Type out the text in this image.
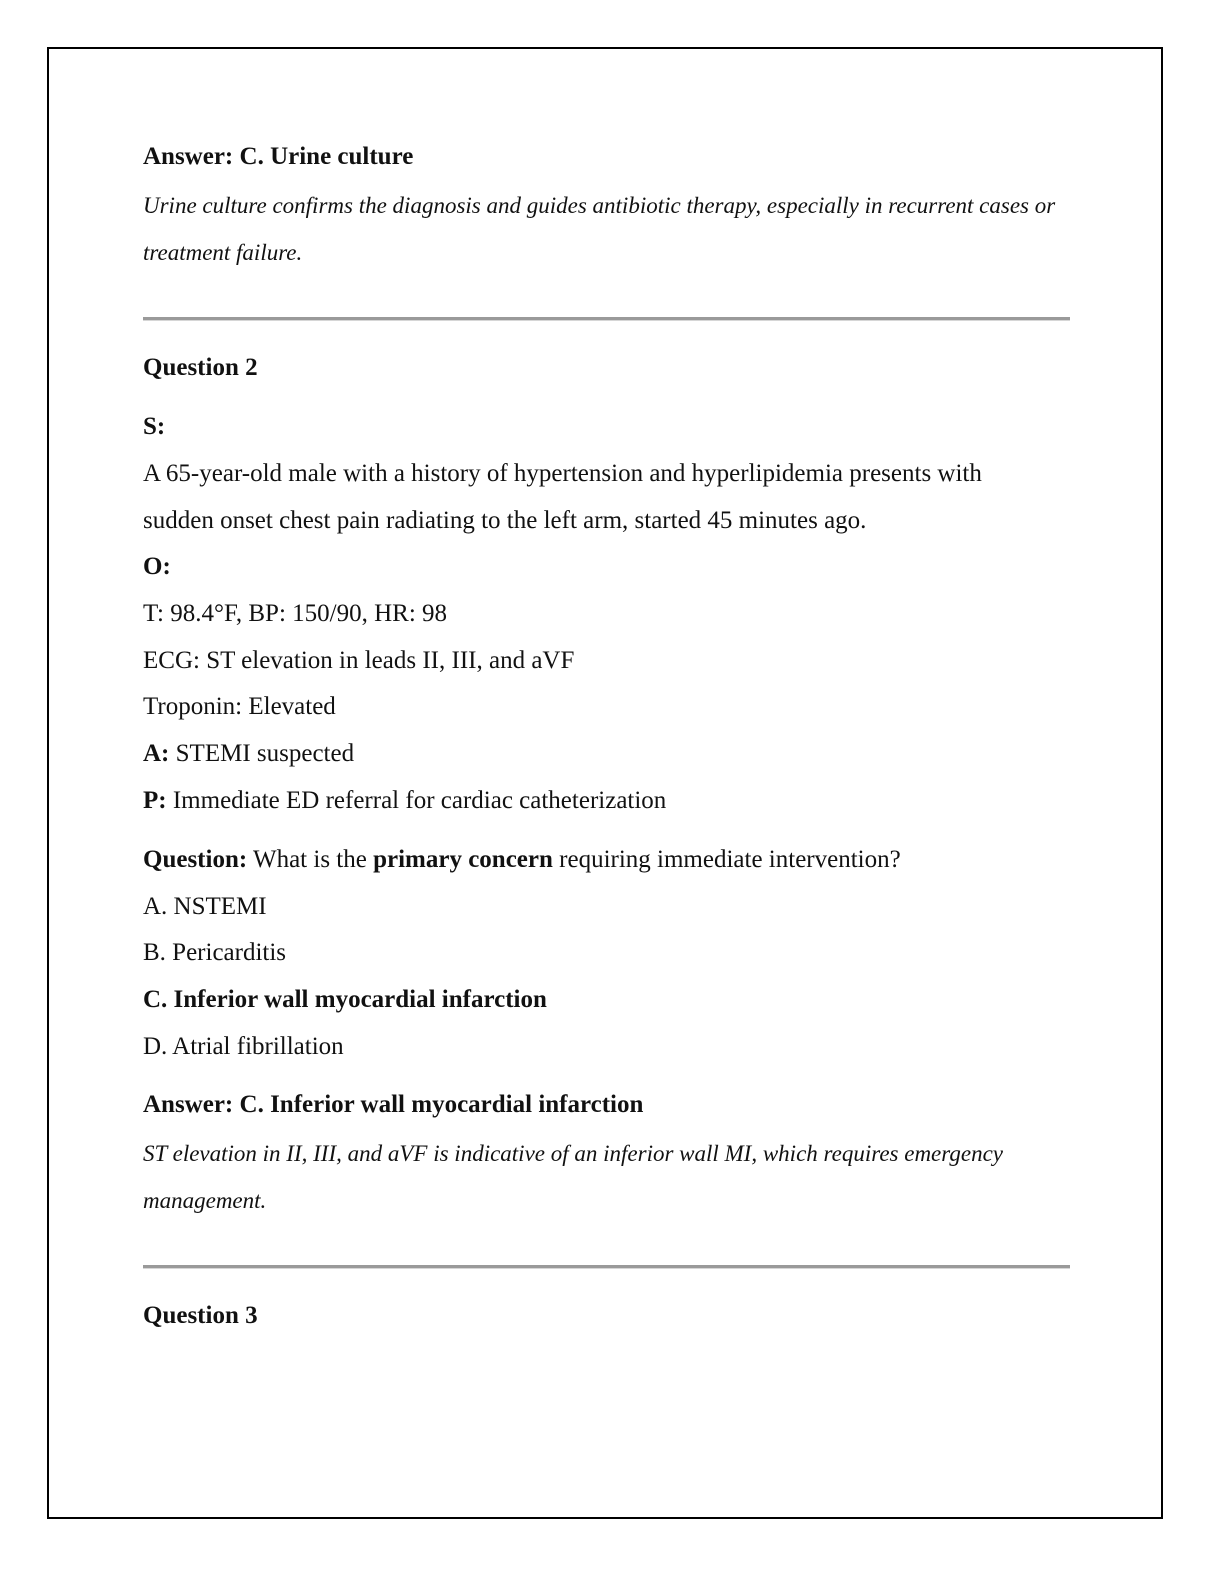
Answer: C. Urine culture
Urine culture confirms the diagnosis and guides antibiotic therapy, especially in recurrent cases or
treatment failure.
Question 2
S:
A 65-year-old male with a history of hypertension and hyperlipidemia presents with
sudden onset chest pain radiating to the left arm, started 45 minutes ago.
O:
T: 98.4°F, BP: 150/90, HR: 98
ECG: ST elevation in leads II, III, and aVF
Troponin: Elevated
A: STEMI suspected
P: Immediate ED referral for cardiac catheterization
Question: What is the primary concern requiring immediate intervention?
A. NSTEMI
B. Pericarditis
C. Inferior wall myocardial infarction
D. Atrial fibrillation
Answer: C. Inferior wall myocardial infarction
ST elevation in II, III, and aVF is indicative of an inferior wall MI, which requires emergency
management.
Question 3
